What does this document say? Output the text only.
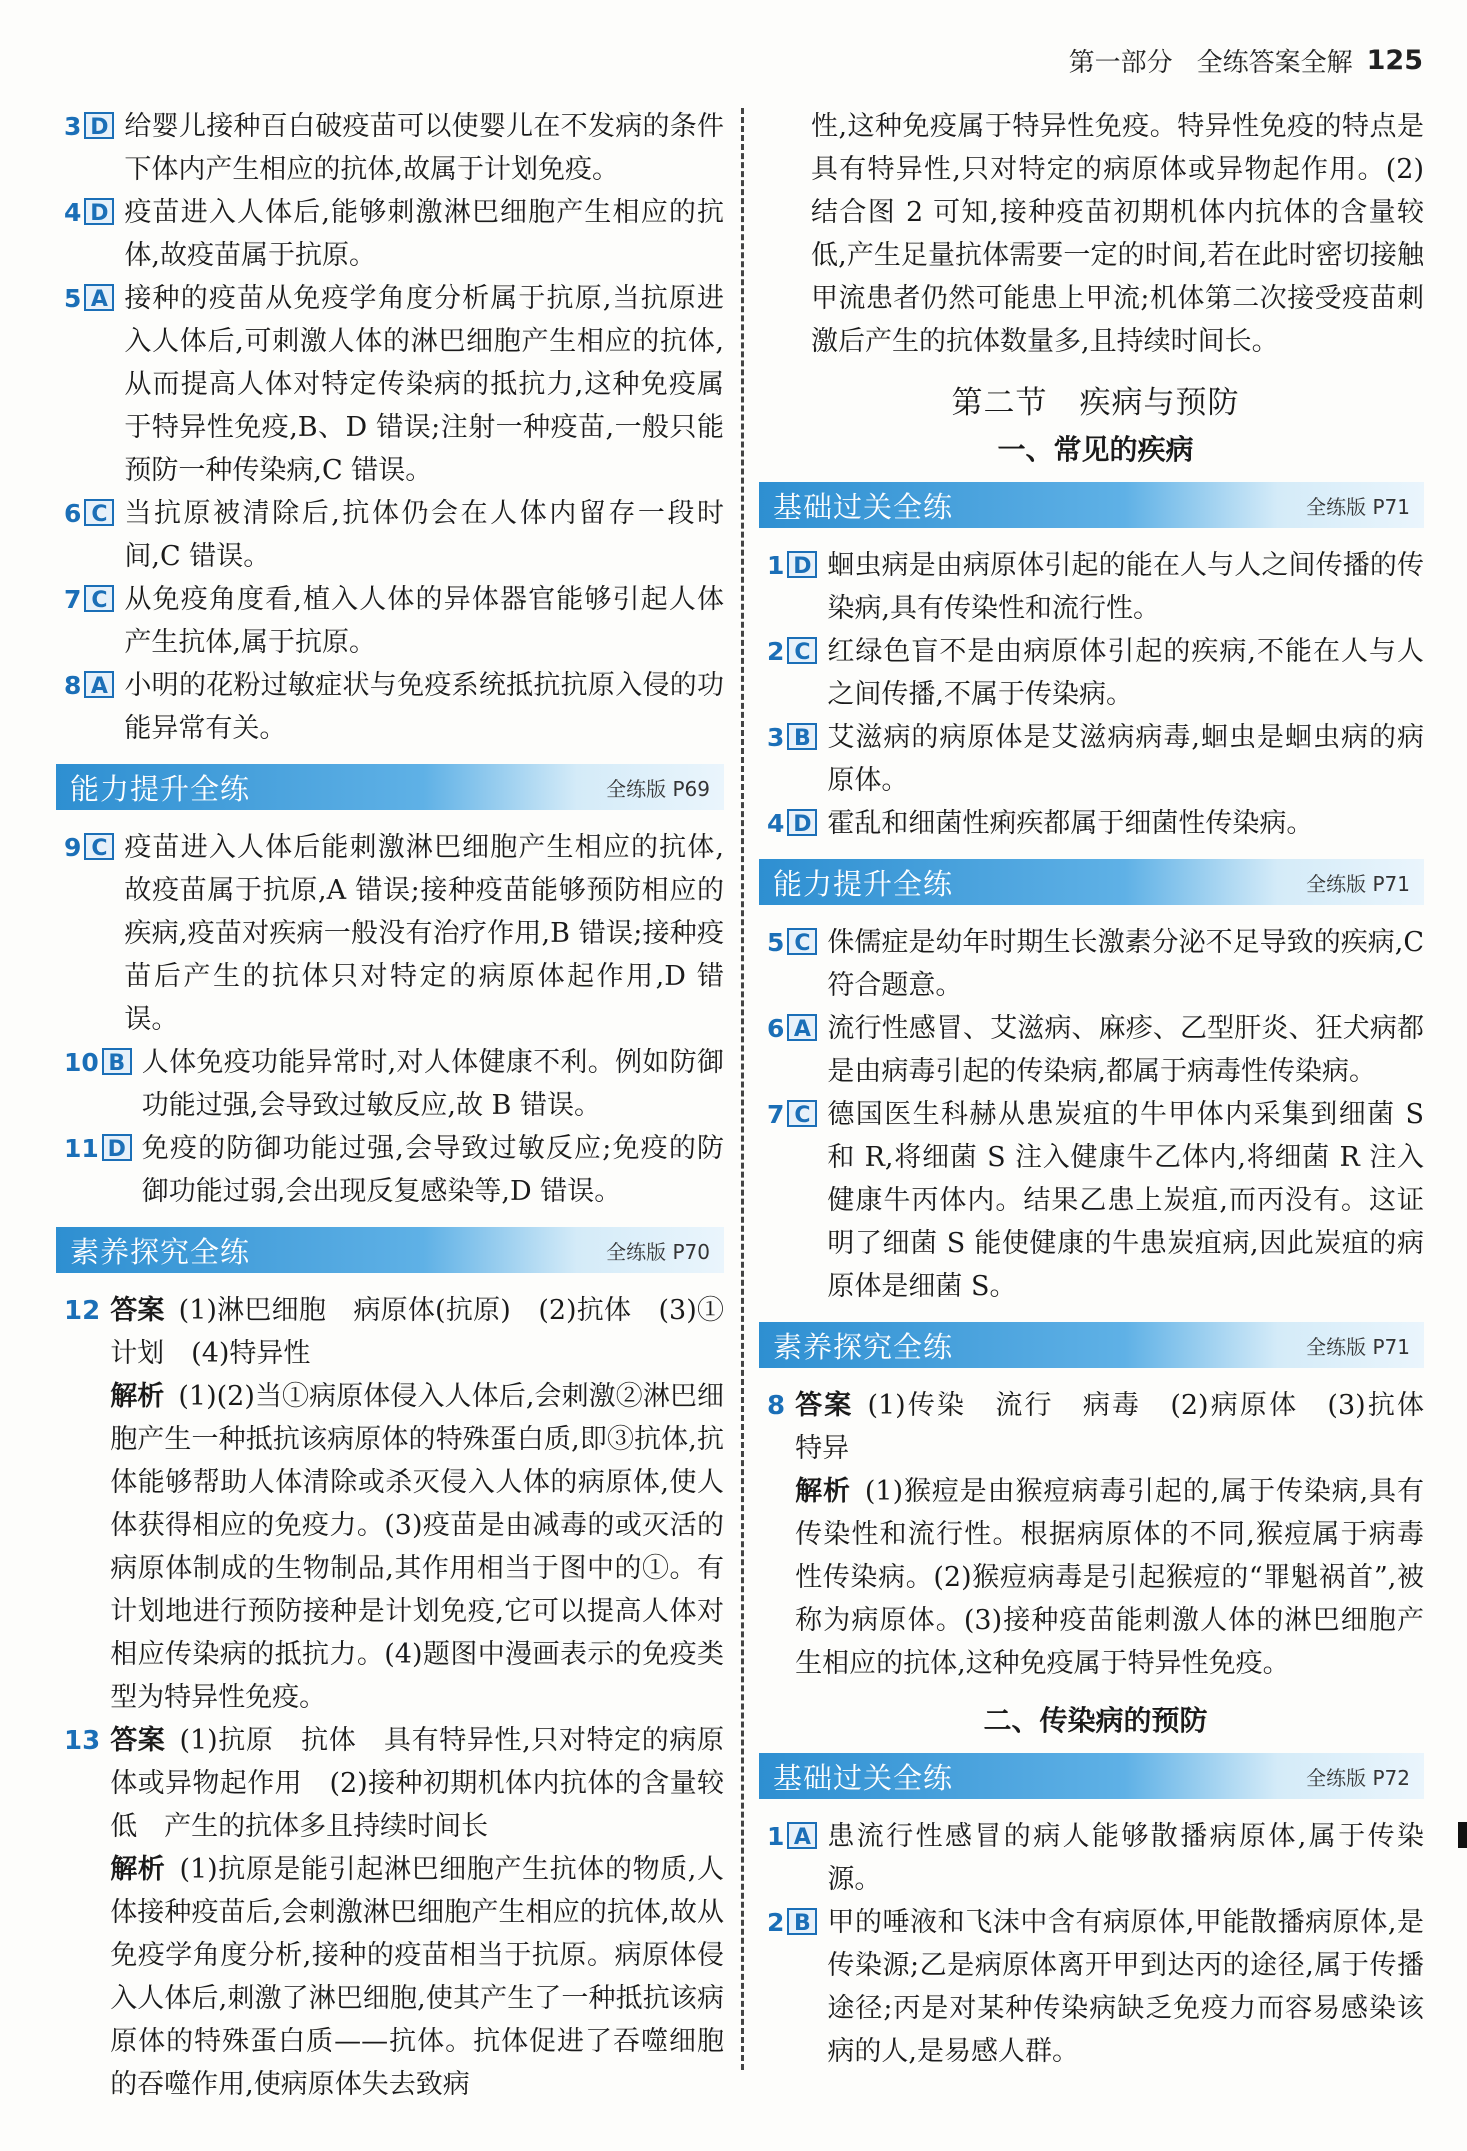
第一部分 全练答案全解 125
3 D 给婴儿接种百白破疫苗可以使婴儿在不发病的条件下体内产生相应的抗体,故属于计划免疫。
4 D 疫苗进入人体后,能够刺激淋巴细胞产生相应的抗体,故疫苗属于抗原。
5 A 接种的疫苗从免疫学角度分析属于抗原,当抗原进入人体后,可刺激人体的淋巴细胞产生相应的抗体,从而提高人体对特定传染病的抵抗力,这种免疫属于特异性免疫,B、D 错误;注射一种疫苗,一般只能预防一种传染病,C 错误。
6 C 当抗原被清除后,抗体仍会在人体内留存一段时间,C 错误。
7 C 从免疫角度看,植入人体的异体器官能够引起人体产生抗体,属于抗原。
8 A 小明的花粉过敏症状与免疫系统抵抗抗原入侵的功能异常有关。
能力提升全练	全练版 P69
9 C 疫苗进入人体后能刺激淋巴细胞产生相应的抗体,故疫苗属于抗原,A 错误;接种疫苗能够预防相应的疾病,疫苗对疾病一般没有治疗作用,B 错误;接种疫苗后产生的抗体只对特定的病原体起作用,D 错误。
10 B 人体免疫功能异常时,对人体健康不利。例如防御功能过强,会导致过敏反应,故 B 错误。
11 D 免疫的防御功能过强,会导致过敏反应;免疫的防御功能过弱,会出现反复感染等,D 错误。
素养探究全练	全练版 P70
12 答案 (1)淋巴细胞　病原体(抗原)　(2)抗体　(3)①　计划　(4)特异性

解析 (1)(2)当①病原体侵入人体后,会刺激②淋巴细胞产生一种抵抗该病原体的特殊蛋白质,即③抗体,抗体能够帮助人体清除或杀灭侵入人体的病原体,使人体获得相应的免疫力。(3)疫苗是由减毒的或灭活的病原体制成的生物制品,其作用相当于图中的①。有计划地进行预防接种是计划免疫,它可以提高人体对相应传染病的抵抗力。(4)题图中漫画表示的免疫类型为特异性免疫。

13 答案 (1)抗原　抗体　具有特异性,只对特定的病原体或异物起作用　(2)接种初期机体内抗体的含量较低　产生的抗体多且持续时间长

解析 (1)抗原是能引起淋巴细胞产生抗体的物质,人体接种疫苗后,会刺激淋巴细胞产生相应的抗体,故从免疫学角度分析,接种的疫苗相当于抗原。病原体侵入人体后,刺激了淋巴细胞,使其产生了一种抵抗该病原体的特殊蛋白质——抗体。抗体促进了吞噬细胞的吞噬作用,使病原体失去致病

性,这种免疫属于特异性免疫。特异性免疫的特点是具有特异性,只对特定的病原体或异物起作用。(2)结合图 2 可知,接种疫苗初期机体内抗体的含量较低,产生足量抗体需要一定的时间,若在此时密切接触甲流患者仍然可能患上甲流;机体第二次接受疫苗刺激后产生的抗体数量多,且持续时间长。
第二节　疾病与预防
一、常见的疾病
基础过关全练	全练版 P71
1 D 蛔虫病是由病原体引起的能在人与人之间传播的传染病,具有传染性和流行性。
2 C 红绿色盲不是由病原体引起的疾病,不能在人与人之间传播,不属于传染病。
3 B 艾滋病的病原体是艾滋病病毒,蛔虫是蛔虫病的病原体。
4 D 霍乱和细菌性痢疾都属于细菌性传染病。
能力提升全练	全练版 P71
5 C 侏儒症是幼年时期生长激素分泌不足导致的疾病,C 符合题意。
6 A 流行性感冒、艾滋病、麻疹、乙型肝炎、狂犬病都是由病毒引起的传染病,都属于病毒性传染病。
7 C 德国医生科赫从患炭疽的牛甲体内采集到细菌 S 和 R,将细菌 S 注入健康牛乙体内,将细菌 R 注入健康牛丙体内。结果乙患上炭疽,而丙没有。这证明了细菌 S 能使健康的牛患炭疽病,因此炭疽的病原体是细菌 S。
素养探究全练	全练版 P71
8 答案 (1)传染　流行　病毒　(2)病原体　(3)抗体　特异

解析 (1)猴痘是由猴痘病毒引起的,属于传染病,具有传染性和流行性。根据病原体的不同,猴痘属于病毒性传染病。(2)猴痘病毒是引起猴痘的“罪魁祸首”,被称为病原体。(3)接种疫苗能刺激人体的淋巴细胞产生相应的抗体,这种免疫属于特异性免疫。

二、传染病的预防
基础过关全练	全练版 P72
1 A 患流行性感冒的病人能够散播病原体,属于传染源。
2 B 甲的唾液和飞沫中含有病原体,甲能散播病原体,是传染源;乙是病原体离开甲到达丙的途径,属于传播途径;丙是对某种传染病缺乏免疫力而容易感染该病的人,是易感人群。
